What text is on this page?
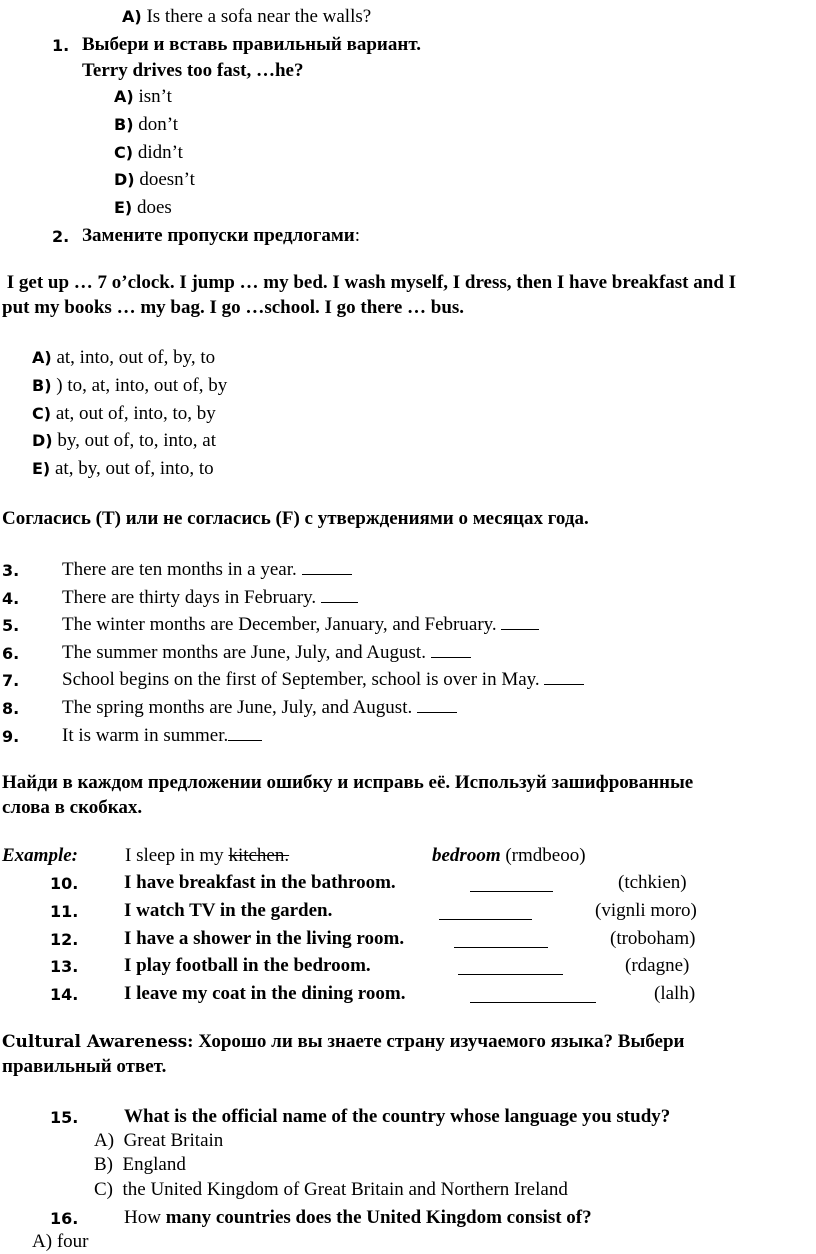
A) Is there a sofa near the walls?
1. Выбери и вставь правильный вариант.
Terry drives too fast, …he?
A) isn’t
B) don’t
C) didn’t
D) doesn’t
E) does
2. Замените пропуски предлогами:
I get up … 7 o’clock. I jump … my bed. I wash myself, I dress, then I have breakfast and I
put my books … my bag. I go …school. I go there … bus.
A) at, into, out of, by, to
B) ) to, at, into, out of, by
C) at, out of, into, to, by
D) by, out of, to, into, at
E) at, by, out of, into, to
Согласись (T) или не согласись (F) с утверждениями о месяцах года.
3. There are ten months in a year.
4. There are thirty days in February.
5. The winter months are December, January, and February.
6. The summer months are June, July, and August.
7. School begins on the first of September, school is over in May.
8. The spring months are June, July, and August.
9. It is warm in summer.
Найди в каждом предложении ошибку и исправь её. Используй зашифрованные
слова в скобках.
Example: I sleep in my kitchen.	bedroom (rmdbeoo)
10. I have breakfast in the bathroom.	(tchkien)
11. I watch TV in the garden.	(vignli moro)
12. I have a shower in the living room.	(troboham)
13. I play football in the bedroom.	(rdagne)
14. I leave my coat in the dining room.	(lalh)
Cultural Awareness: Хорошо ли вы знаете страну изучаемого языка? Выбери
правильный ответ.
15. What is the official name of the country whose language you study?
A) Great Britain
B) England
C) the United Kingdom of Great Britain and Northern Ireland
16. How many countries does the United Kingdom consist of?
A) four
